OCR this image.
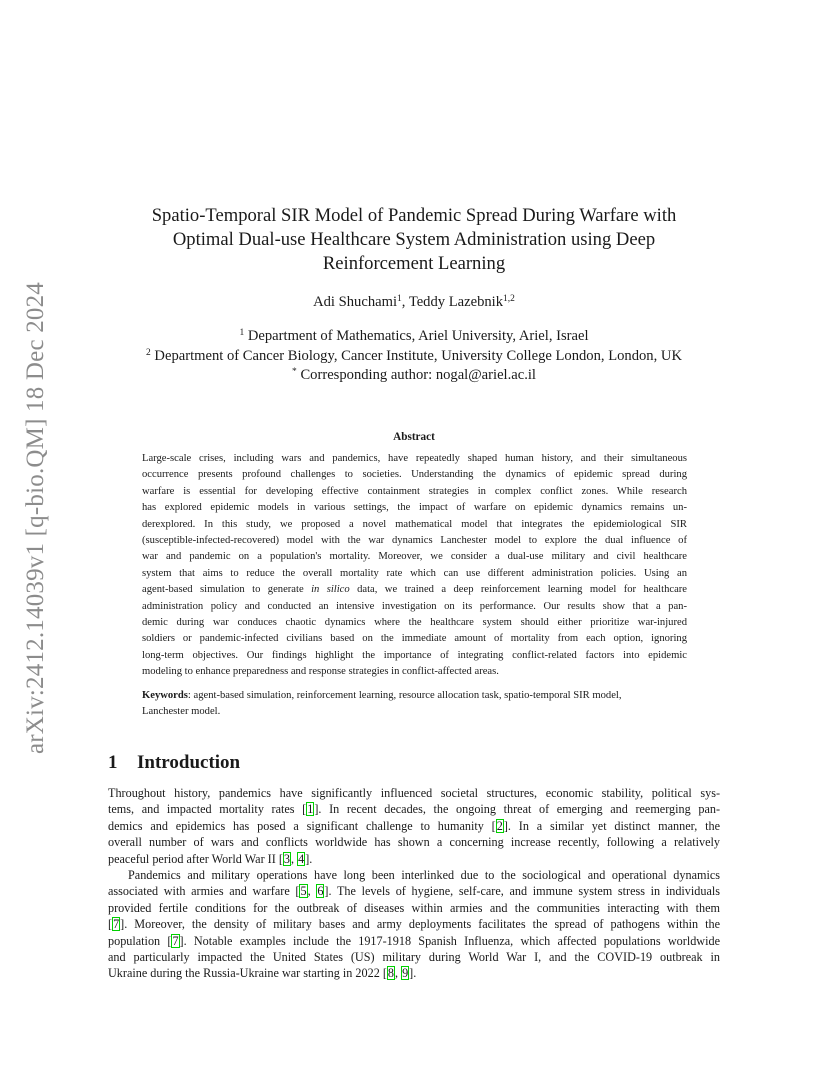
arXiv:2412.14039v1 [q-bio.QM] 18 Dec 2024
Spatio-Temporal SIR Model of Pandemic Spread During Warfare with
Optimal Dual-use Healthcare System Administration using Deep
Reinforcement Learning
Adi Shuchami$^1$, Teddy Lazebnik$^{1,2}$
$^1$ Department of Mathematics, Ariel University, Ariel, Israel
$^2$ Department of Cancer Biology, Cancer Institute, University College London, London, UK
* Corresponding author: nogal@ariel.ac.il
Abstract
Large-scale crises, including wars and pandemics, have repeatedly shaped human history, and their simultaneous
occurrence presents profound challenges to societies. Understanding the dynamics of epidemic spread during
warfare is essential for developing effective containment strategies in complex conflict zones. While research
has explored epidemic models in various settings, the impact of warfare on epidemic dynamics remains un-
derexplored. In this study, we proposed a novel mathematical model that integrates the epidemiological SIR
(susceptible-infected-recovered) model with the war dynamics Lanchester model to explore the dual influence of
war and pandemic on a population's mortality. Moreover, we consider a dual-use military and civil healthcare
system that aims to reduce the overall mortality rate which can use different administration policies. Using an
agent-based simulation to generate in silico data, we trained a deep reinforcement learning model for healthcare
administration policy and conducted an intensive investigation on its performance. Our results show that a pan-
demic during war conduces chaotic dynamics where the healthcare system should either prioritize war-injured
soldiers or pandemic-infected civilians based on the immediate amount of mortality from each option, ignoring
long-term objectives. Our findings highlight the importance of integrating conflict-related factors into epidemic
modeling to enhance preparedness and response strategies in conflict-affected areas.
Keywords: agent-based simulation, reinforcement learning, resource allocation task, spatio-temporal SIR model,
Lanchester model.
1 Introduction
Throughout history, pandemics have significantly influenced societal structures, economic stability, political sys-
tems, and impacted mortality rates [1]. In recent decades, the ongoing threat of emerging and reemerging pan-
demics and epidemics has posed a significant challenge to humanity [2]. In a similar yet distinct manner, the
overall number of wars and conflicts worldwide has shown a concerning increase recently, following a relatively
peaceful period after World War II [3, 4].
Pandemics and military operations have long been interlinked due to the sociological and operational dynamics
associated with armies and warfare [5, 6]. The levels of hygiene, self-care, and immune system stress in individuals
provided fertile conditions for the outbreak of diseases within armies and the communities interacting with them
[7]. Moreover, the density of military bases and army deployments facilitates the spread of pathogens within the
population [7]. Notable examples include the 1917-1918 Spanish Influenza, which affected populations worldwide
and particularly impacted the United States (US) military during World War I, and the COVID-19 outbreak in
Ukraine during the Russia-Ukraine war starting in 2022 [8, 9].
